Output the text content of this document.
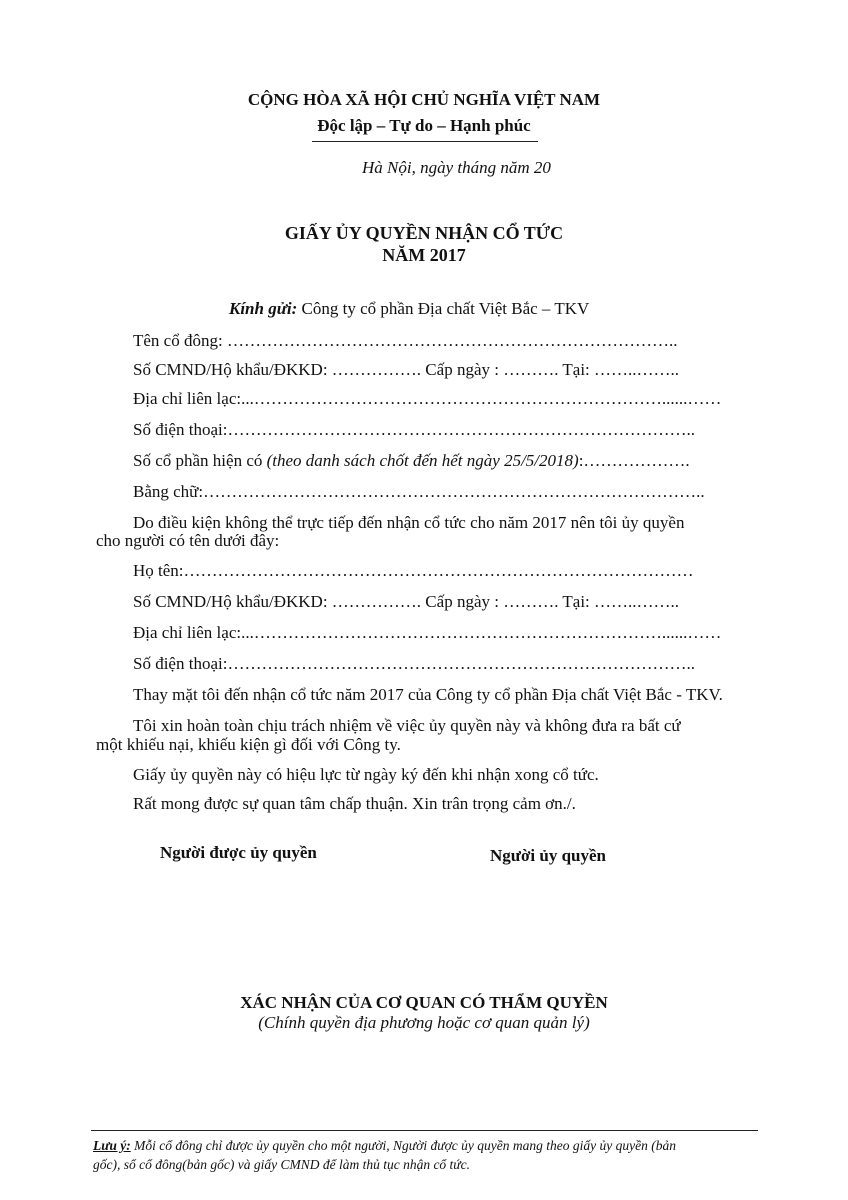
CỘNG HÒA XÃ HỘI CHỦ NGHĨA VIỆT NAM
Độc lập – Tự do – Hạnh phúc
Hà Nội, ngày tháng năm 20
GIẤY ỦY QUYỀN NHẬN CỔ TỨC
NĂM 2017
Kính gửi: Công ty cổ phần Địa chất Việt Bắc – TKV
Tên cổ đông: ……………………………………………………………………..
Số CMND/Hộ khẩu/ĐKKD: ……………. Cấp ngày : ………. Tại: ……..……..
Địa chỉ liên lạc:...………………………………………………………………......……
Số điện thoại:………………………………………………………………………..
Số cổ phần hiện có (theo danh sách chốt đến hết ngày 25/5/2018):……………….
Bằng chữ:……………………………………………………………………………..
Do điều kiện không thể trực tiếp đến nhận cổ tức cho năm 2017 nên tôi ủy quyền
cho người có tên dưới đây:
Họ tên:………………………………………………………………………………
Số CMND/Hộ khẩu/ĐKKD: ……………. Cấp ngày : ………. Tại: ……..……..
Địa chỉ liên lạc:...………………………………………………………………......……
Số điện thoại:………………………………………………………………………..
Thay mặt tôi đến nhận cổ tức năm 2017 của Công ty cổ phần Địa chất Việt Bắc - TKV.
Tôi xin hoàn toàn chịu trách nhiệm về việc ủy quyền này và không đưa ra bất cứ
một khiếu nại, khiếu kiện gì đối với Công ty.
Giấy ủy quyền này có hiệu lực từ ngày ký đến khi nhận xong cổ tức.
Rất mong được sự quan tâm chấp thuận. Xin trân trọng cảm ơn./.
Người được ủy quyền	Người ủy quyền
XÁC NHẬN CỦA CƠ QUAN CÓ THẨM QUYỀN
(Chính quyền địa phương hoặc cơ quan quản lý)
Lưu ý: Mỗi cổ đông chỉ được ủy quyền cho một người, Người được ủy quyền mang theo giấy ủy quyền (bản
gốc), sổ cổ đông(bản gốc) và giấy CMND để làm thủ tục nhận cổ tức.
